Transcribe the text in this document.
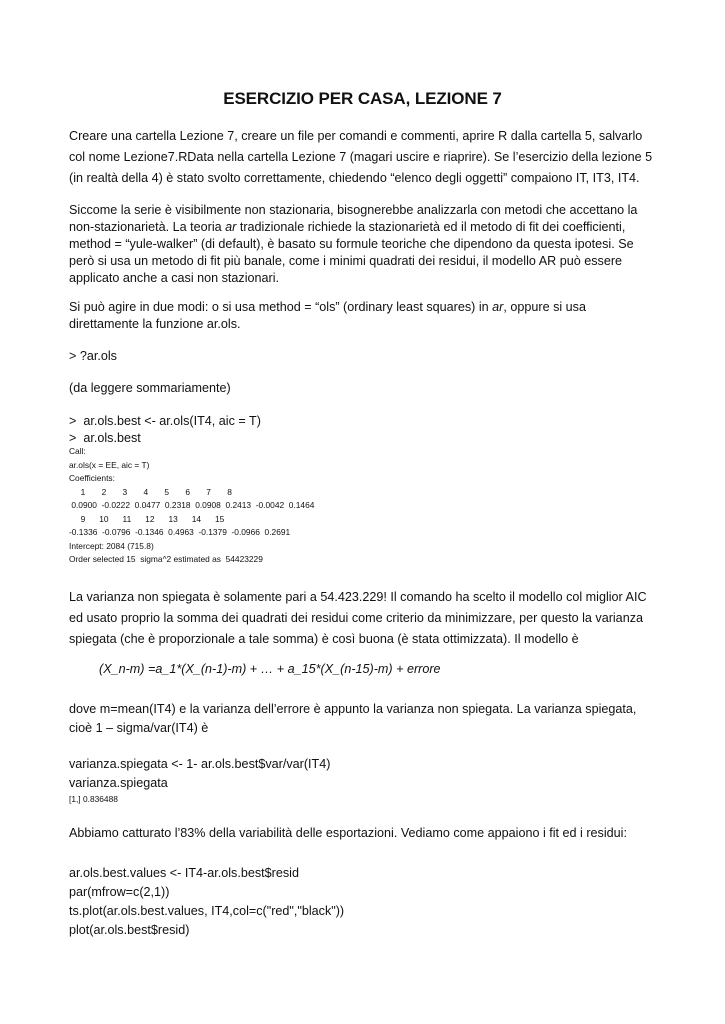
ESERCIZIO PER CASA, LEZIONE 7
Creare una cartella Lezione 7, creare un file per comandi e commenti, aprire R dalla cartella 5, salvarlo col nome Lezione7.RData nella cartella Lezione 7 (magari uscire e riaprire). Se l’esercizio della lezione 5 (in realtà della 4) è stato svolto correttamente, chiedendo “elenco degli oggetti” compaiono IT, IT3, IT4.
Siccome la serie è visibilmente non stazionaria, bisognerebbe analizzarla con metodi che accettano la non-stazionarietà. La teoria ar tradizionale richiede la stazionarietà ed il metodo di fit dei coefficienti, method = “yule-walker” (di default), è basato su formule teoriche che dipendono da questa ipotesi. Se però si usa un metodo di fit più banale, come i minimi quadrati dei residui, il modello AR può essere applicato anche a casi non stazionari.
Si può agire in due modi: o si usa method = “ols” (ordinary least squares) in ar, oppure si usa direttamente la funzione ar.ols.
> ?ar.ols
(da leggere sommariamente)
>  ar.ols.best <- ar.ols(IT4, aic = T)
>  ar.ols.best
Call:
ar.ols(x = EE, aic = T)
Coefficients:
1       2       3       4       5       6       7       8
0.0900  -0.0222  0.0477  0.2318  0.0908  0.2413  -0.0042  0.1464
9      10      11      12      13      14      15
-0.1336  -0.0796  -0.1346  0.4963  -0.1379  -0.0966  0.2691
Intercept: 2084 (715.8)
Order selected 15  sigma^2 estimated as  54423229
La varianza non spiegata è solamente pari a 54.423.229! Il comando ha scelto il modello col miglior AIC ed usato proprio la somma dei quadrati dei residui come criterio da minimizzare, per questo la varianza spiegata (che è proporzionale a tale somma) è così buona (è stata ottimizzata). Il modello è
(X_n-m) =a_1*(X_(n-1)-m) + … + a_15*(X_(n-15)-m) + errore
dove m=mean(IT4) e la varianza dell’errore è appunto la varianza non spiegata. La varianza spiegata, cioè 1 – sigma/var(IT4) è
varianza.spiegata <- 1- ar.ols.best$var/var(IT4)
varianza.spiegata
[1,] 0.836488
Abbiamo catturato l’83% della variabilità delle esportazioni. Vediamo come appaiono i fit ed i residui:
ar.ols.best.values <- IT4-ar.ols.best$resid
par(mfrow=c(2,1))
ts.plot(ar.ols.best.values, IT4,col=c("red","black"))
plot(ar.ols.best$resid)
